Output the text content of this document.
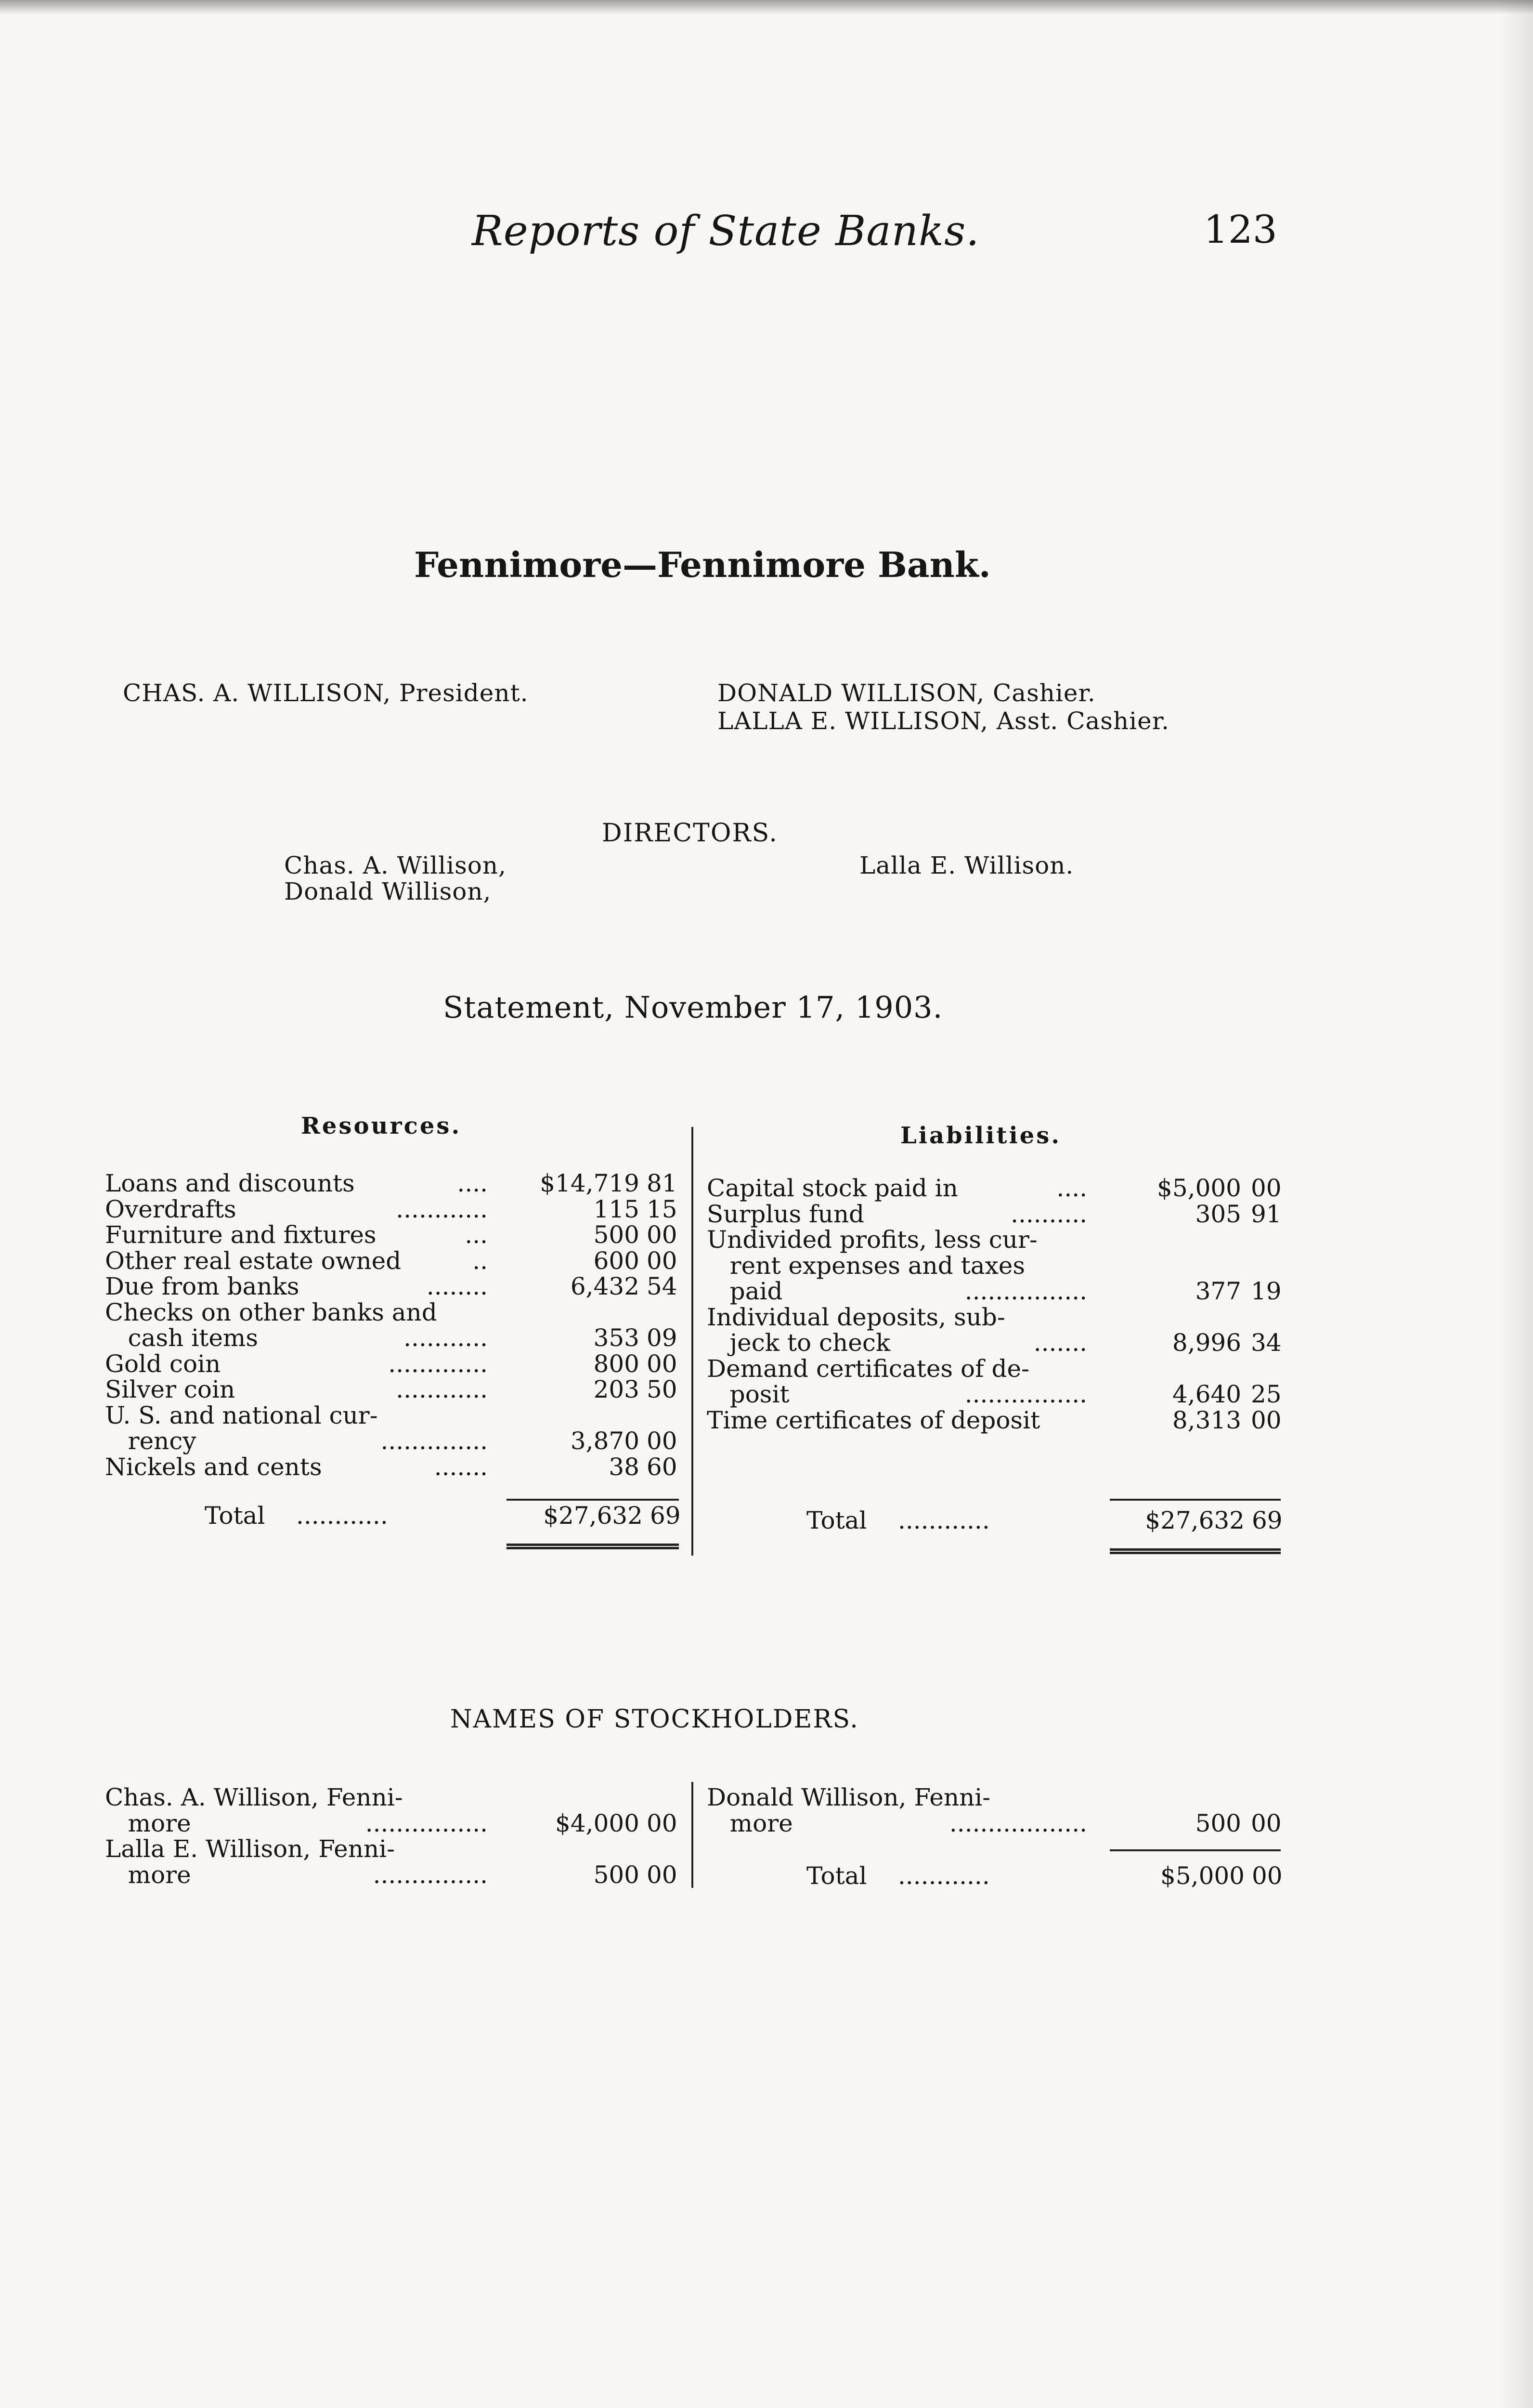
Reports of State Banks.	123
Fennimore—Fennimore Bank.
CHAS. A. WILLISON, President.	DONALD WILLISON, Cashier.
LALLA E. WILLISON, Asst. Cashier.
DIRECTORS.
Chas. A. Willison,
Donald Willison,
Lalla E. Willison.
Statement, November 17, 1903.
Resources.	Liabilities.
Loans and discounts	....	$14,719 81
Overdrafts	............	115 15
Furniture and fixtures	...	500 00
Other real estate owned	..	600 00
Due from banks	........	6,432 54
Checks on other banks and
cash items	...........	353 09
Gold coin	.............	800 00
Silver coin	............	203 50
U. S. and national cur-
rency	..............	3,870 00
Nickels and cents	.......	38 60
Capital stock paid in	....	$5,000 00
Surplus fund	..........	305 91
Undivided profits, less cur-
rent expenses and taxes
paid	................	377 19
Individual deposits, sub-
jeck to check	.......	8,996 34
Demand certificates of de-
posit	................	4,640 25
Time certificates of deposit	8,313 00
Total ............	$27,632 69	Total ............	$27,632 69
NAMES OF STOCKHOLDERS.
Chas. A. Willison, Fenni-
more	................	$4,000 00
Lalla E. Willison, Fenni-
more	...............	500 00
Donald Willison, Fenni-
more	..................	500 00
Total ............	$5,000 00
